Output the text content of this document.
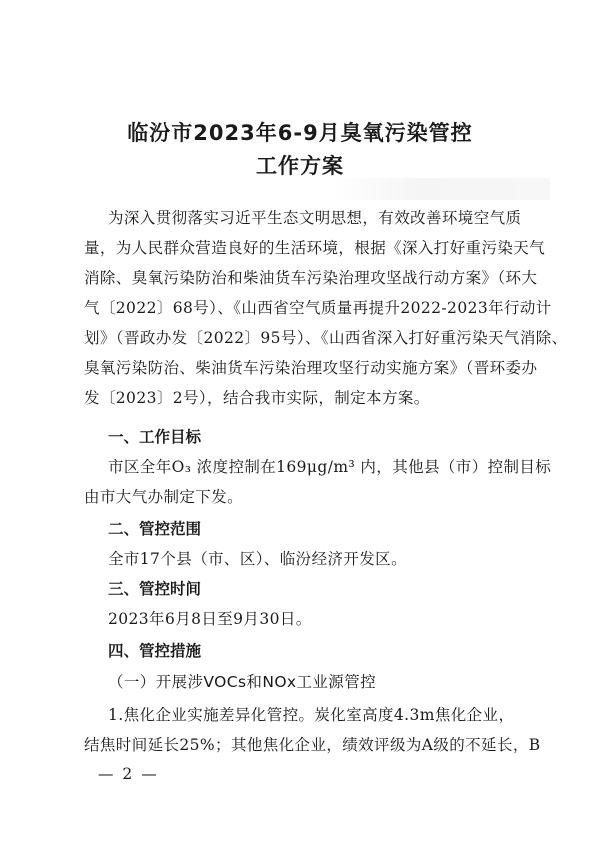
临汾市2023年6-9月臭氧污染管控
工作方案
为深入贯彻落实习近平生态文明思想，有效改善环境空气质
量，为人民群众营造良好的生活环境，根据《深入打好重污染天气
消除、臭氧污染防治和柴油货车污染治理攻坚战行动方案》（环大
气〔2022〕68号）、《山西省空气质量再提升2022-2023年行动计
划》（晋政办发〔2022〕95号）、《山西省深入打好重污染天气消除、
臭氧污染防治、柴油货车污染治理攻坚行动实施方案》（晋环委办
发〔2023〕2号），结合我市实际，制定本方案。
一、工作目标
市区全年O₃ 浓度控制在169μg/m³ 内，其他县（市）控制目标
由市大气办制定下发。
二、管控范围
全市17个县（市、区）、临汾经济开发区。
三、管控时间
2023年6月8日至9月30日。
四、管控措施
（一）开展涉VOCs和NOx工业源管控
1.焦化企业实施差异化管控。炭化室高度4.3m焦化企业，
结焦时间延长25%；其他焦化企业，绩效评级为A级的不延长，B
— 2 —
